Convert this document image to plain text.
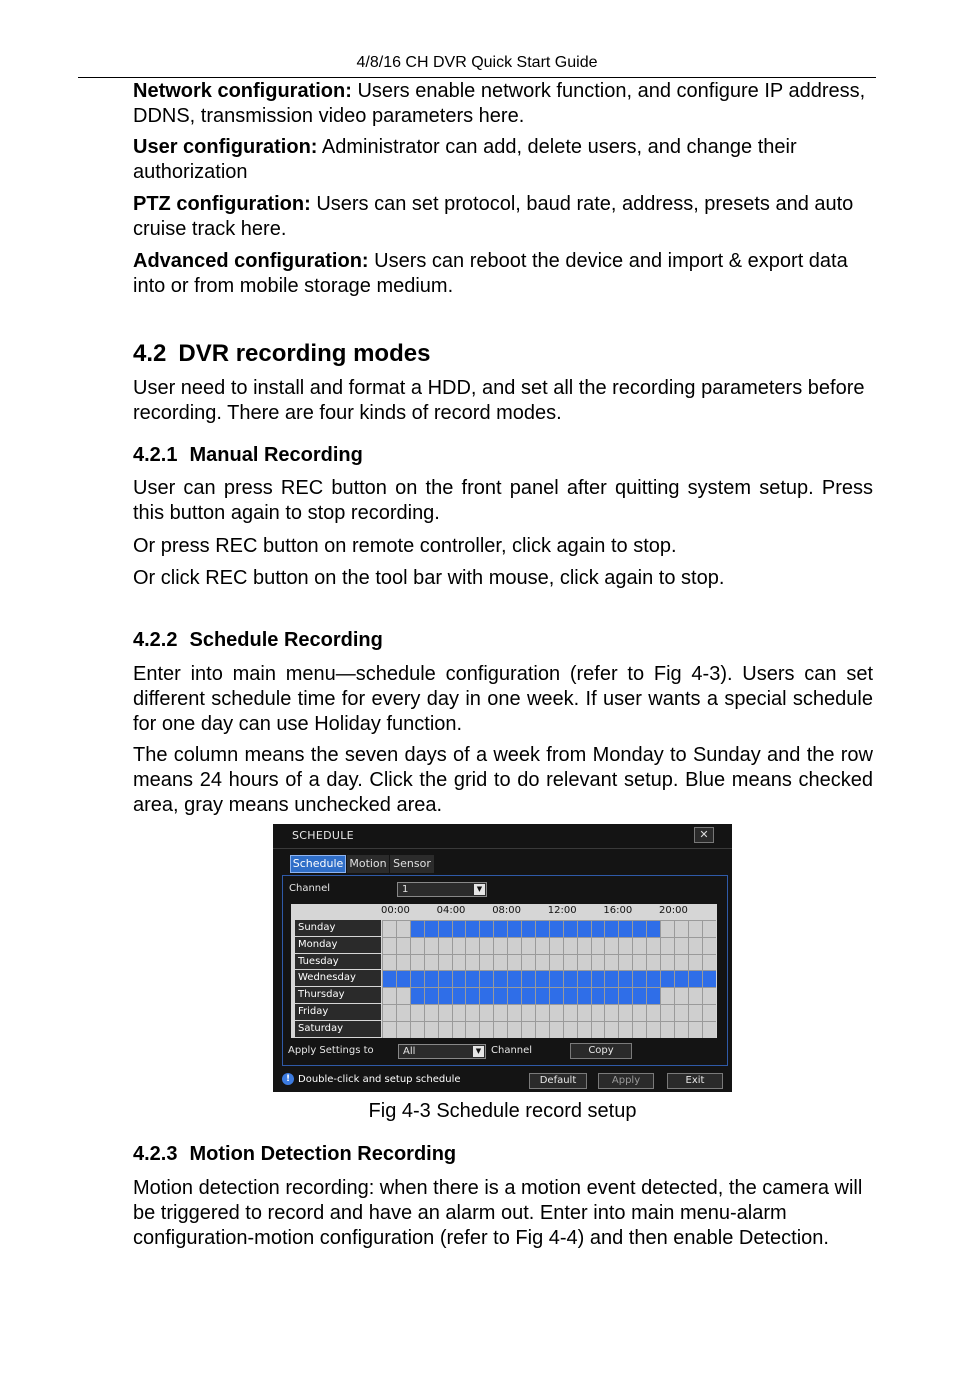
4/8/16 CH DVR Quick Start Guide

Network configuration: Users enable network function, and configure IP address, DDNS, transmission video parameters here.

User configuration: Administrator can add, delete users, and change their authorization

PTZ configuration: Users can set protocol, baud rate, address, presets and auto cruise track here.

Advanced configuration: Users can reboot the device and import & export data into or from mobile storage medium.

4.2 DVR recording modes

User need to install and format a HDD, and set all the recording parameters before recording. There are four kinds of record modes.

4.2.1 Manual Recording

User can press REC button on the front panel after quitting system setup. Press this button again to stop recording.

Or press REC button on remote controller, click again to stop.

Or click REC button on the tool bar with mouse, click again to stop.

4.2.2 Schedule Recording

Enter into main menu—schedule configuration (refer to Fig 4-3). Users can set different schedule time for every day in one week. If user wants a special schedule for one day can use Holiday function.

The column means the seven days of a week from Monday to Sunday and the row means 24 hours of a day. Click the grid to do relevant setup. Blue means checked area, gray means unchecked area.

SCHEDULE	✕
Schedule Motion Sensor
Channel	1	▼
00:00	04:00	08:00	12:00	16:00	20:00
Sunday
Monday
Tuesday
Wednesday
Thursday
Friday
Saturday
Apply Settings to	All	▼ Channel	Copy
! Double-click and setup schedule	Default	Apply	Exit
Fig 4-3 Schedule record setup
4.2.3 Motion Detection Recording

Motion detection recording: when there is a motion event detected, the camera will be triggered to record and have an alarm out. Enter into main menu-alarm configuration-motion configuration (refer to Fig 4-4) and then enable Detection.
